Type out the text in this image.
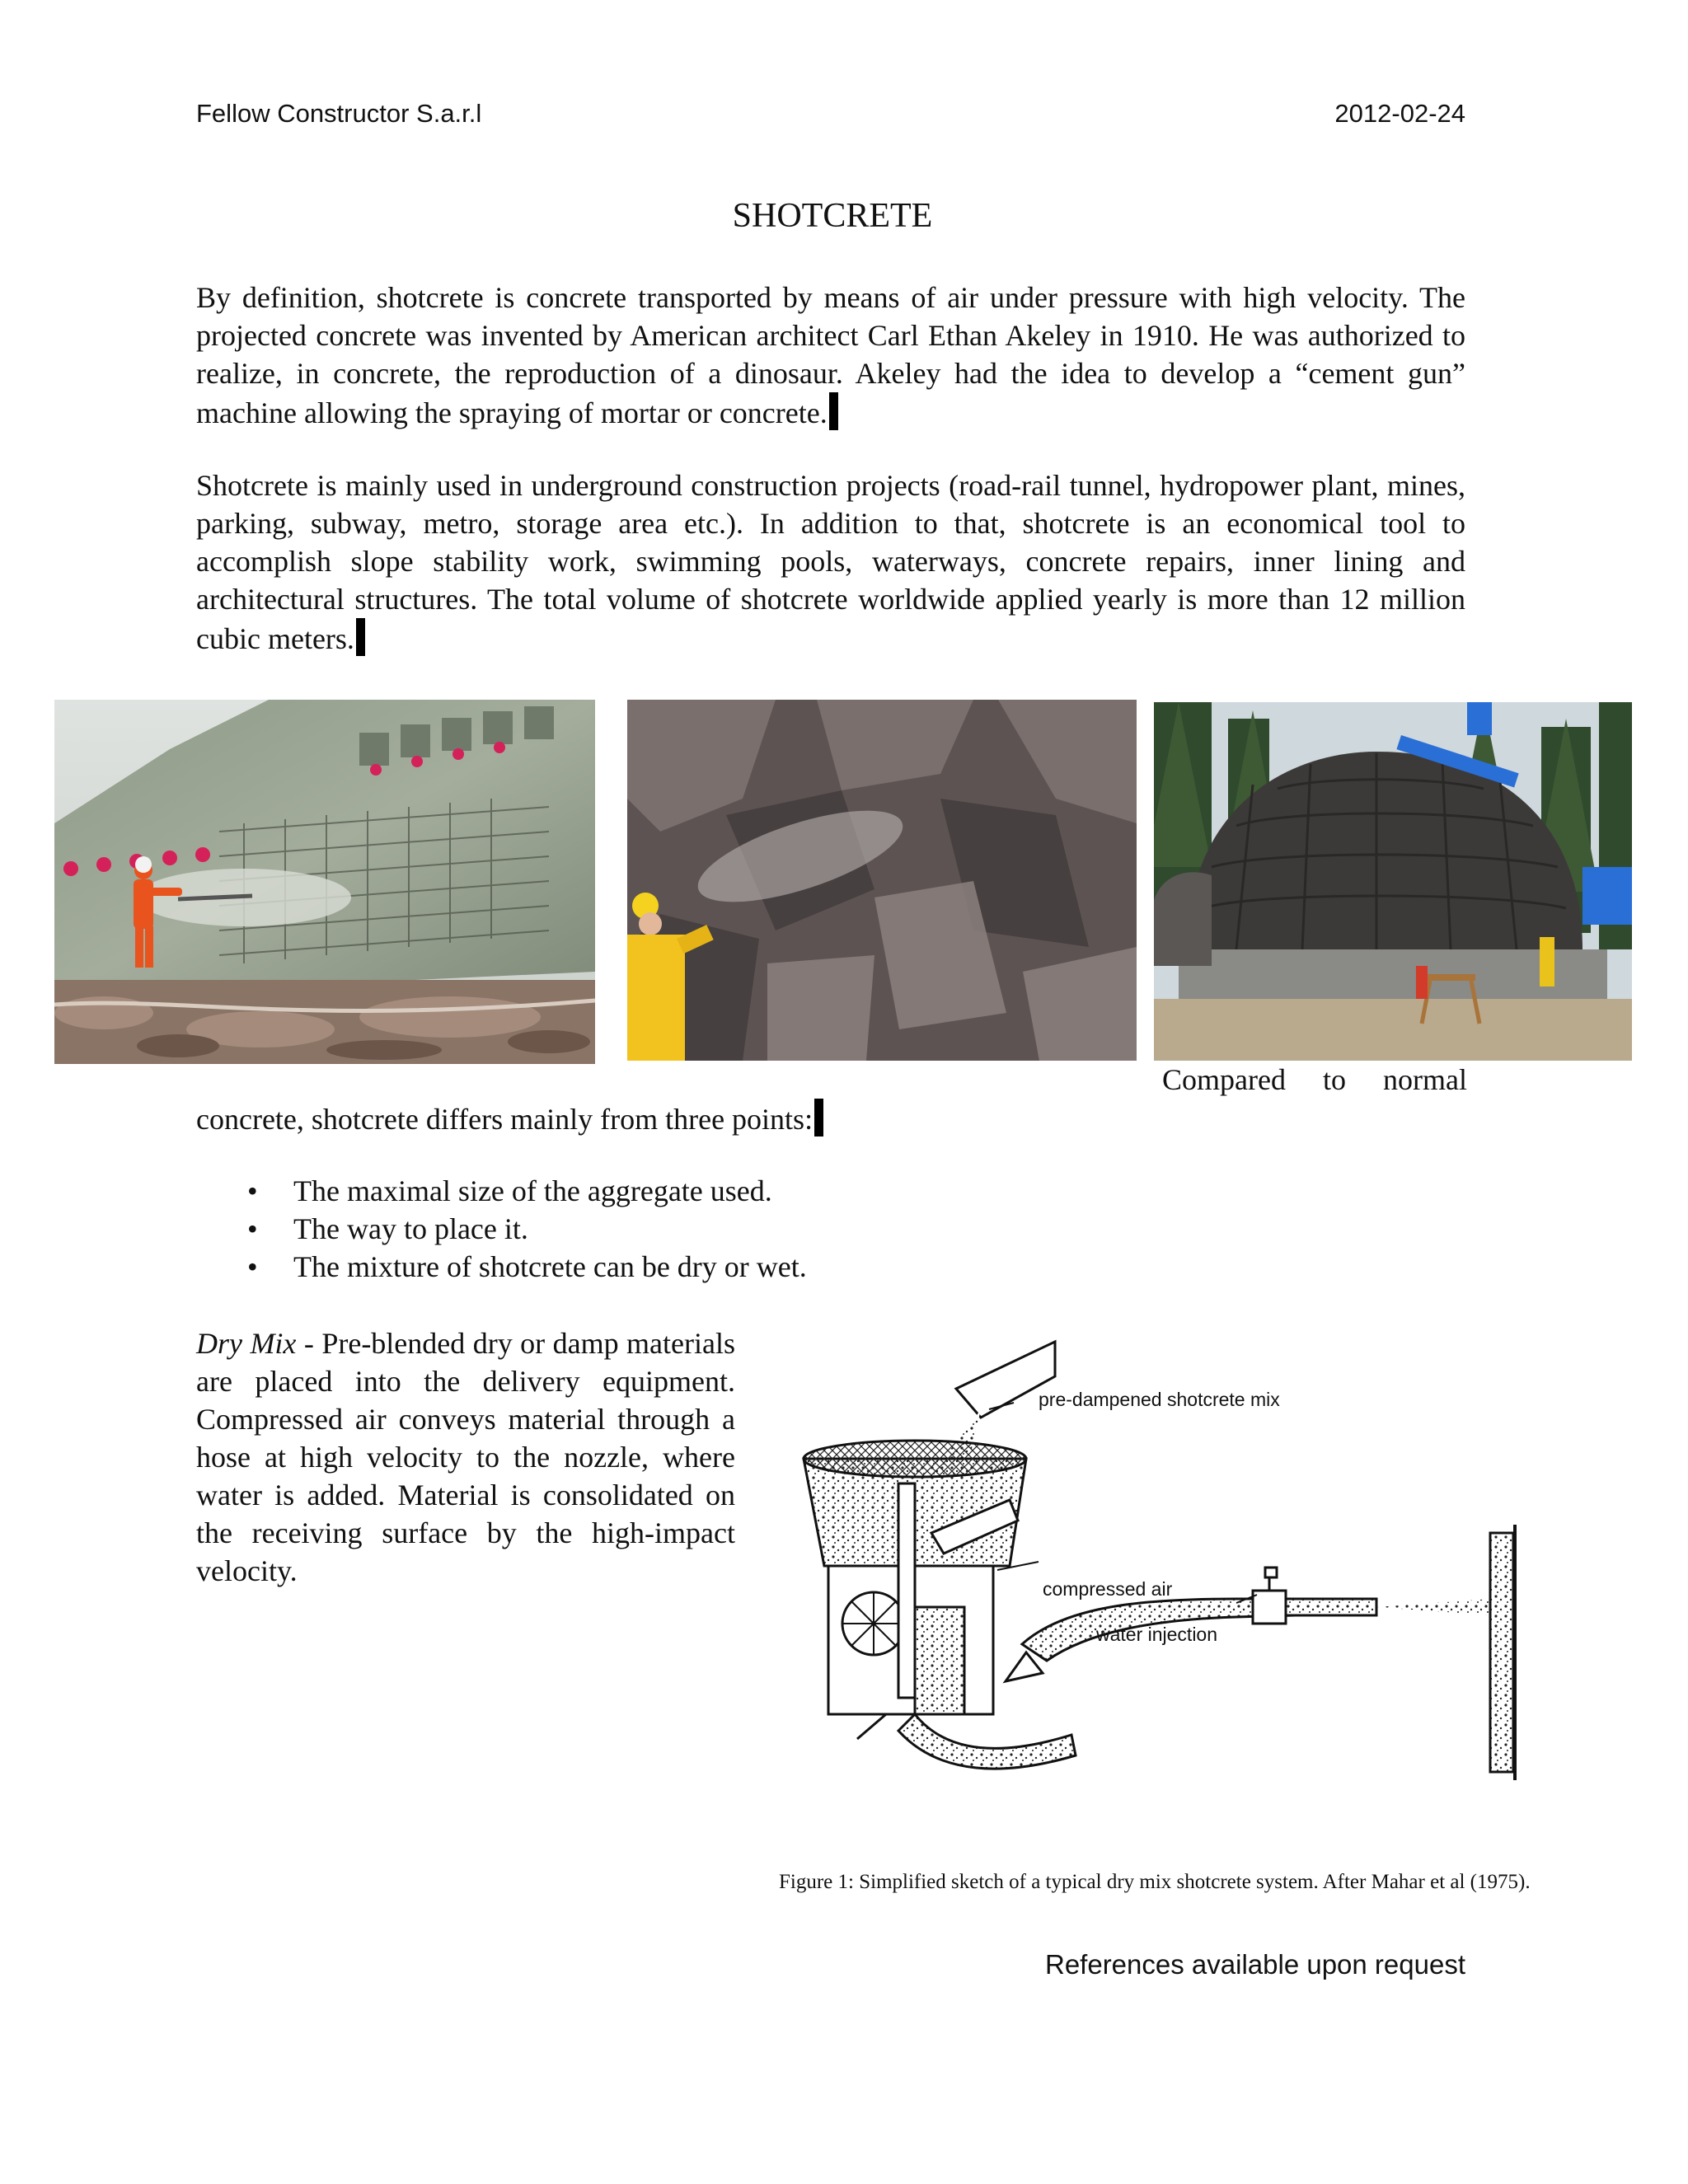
Fellow Constructor S.a.r.l	2012-02-24
SHOTCRETE
By definition, shotcrete is concrete transported by means of air under pressure with high velocity. The projected concrete was invented by American architect Carl Ethan Akeley in 1910. He was authorized to realize, in concrete, the reproduction of a dinosaur. Akeley had the idea to develop a “cement gun” machine allowing the spraying of mortar or concrete.
Shotcrete is mainly used in underground construction projects (road-rail tunnel, hydropower plant, mines, parking, subway, metro, storage area etc.). In addition to that, shotcrete is an economical tool to accomplish slope stability work, swimming pools, waterways, concrete repairs, inner lining and architectural structures. The total volume of shotcrete worldwide applied yearly is more than 12 million cubic meters.
Compared to normal
concrete, shotcrete differs mainly from three points:
• The maximal size of the aggregate used.
• The way to place it.
• The mixture of shotcrete can be dry or wet.
Dry Mix - Pre-blended dry or damp materials are placed into the delivery equipment. Compressed air conveys material through a hose at high velocity to the nozzle, where water is added. Material is consolidated on the receiving surface by the high-impact velocity.
pre-dampened shotcrete mix
compressed air
water injection
Figure 1: Simplified sketch of a typical dry mix shotcrete system. After Mahar et al (1975).
References available upon request
